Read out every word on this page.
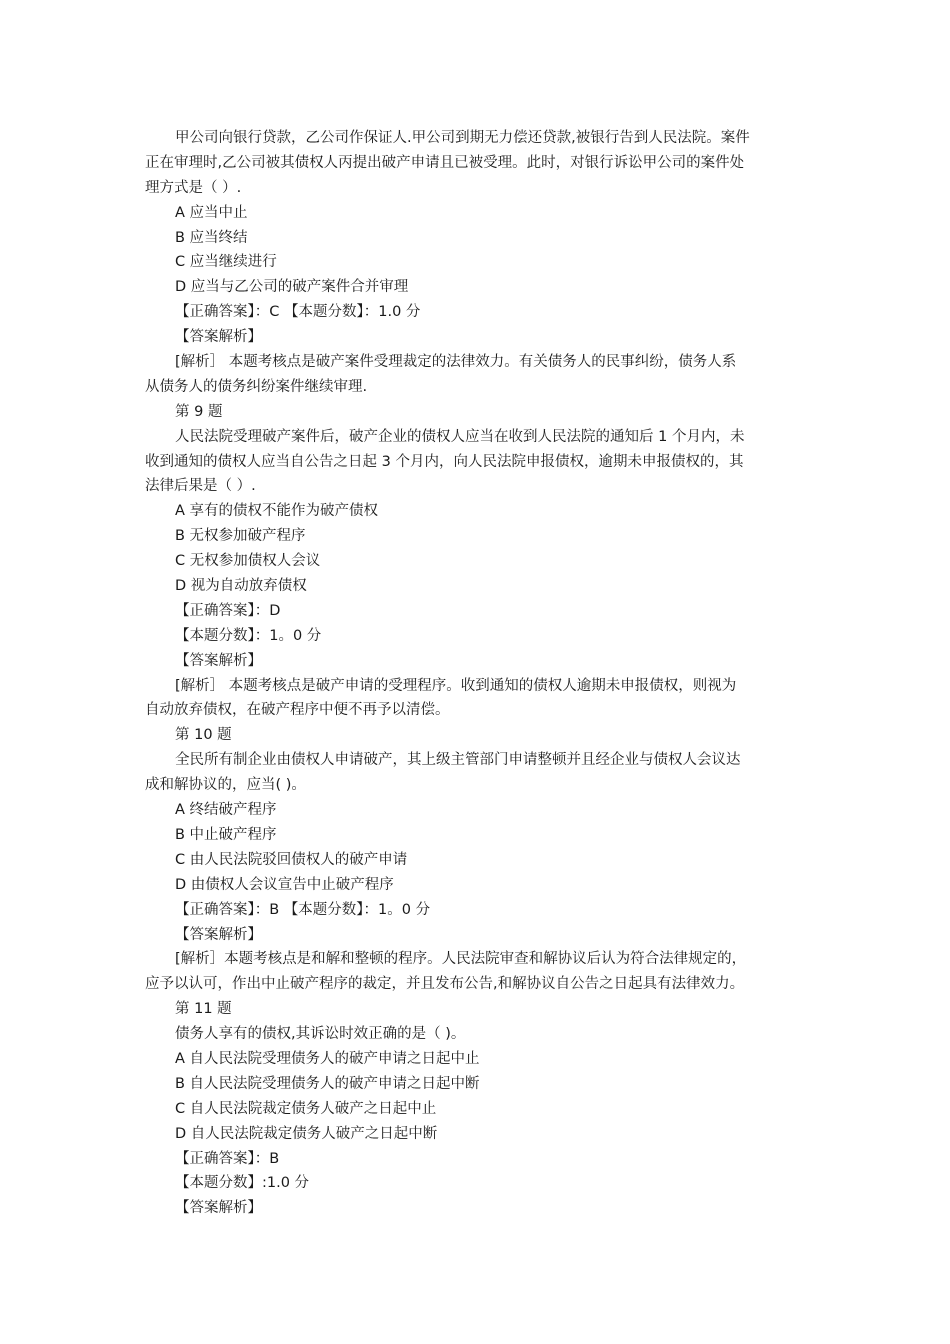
甲公司向银行贷款，乙公司作保证人.甲公司到期无力偿还贷款,被银行告到人民法院。案件
正在审理时,乙公司被其债权人丙提出破产申请且已被受理。此时，对银行诉讼甲公司的案件处
理方式是（ ）.
A 应当中止
B 应当终结
C 应当继续进行
D 应当与乙公司的破产案件合并审理
【正确答案】：C 【本题分数】：1.0 分
【答案解析】
[解析］ 本题考核点是破产案件受理裁定的法律效力。有关债务人的民事纠纷，债务人系
从债务人的债务纠纷案件继续审理.
第 9 题
人民法院受理破产案件后，破产企业的债权人应当在收到人民法院的通知后 1 个月内，未
收到通知的债权人应当自公告之日起 3 个月内，向人民法院申报债权，逾期未申报债权的，其
法律后果是（ ）.
A 享有的债权不能作为破产债权
B 无权参加破产程序
C 无权参加债权人会议
D 视为自动放弃债权
【正确答案】：D
【本题分数】：1。0 分
【答案解析】
[解析］ 本题考核点是破产申请的受理程序。收到通知的债权人逾期未申报债权，则视为
自动放弃债权，在破产程序中便不再予以清偿。
第 10 题
全民所有制企业由债权人申请破产，其上级主管部门申请整顿并且经企业与债权人会议达
成和解协议的，应当( )。
A 终结破产程序
B 中止破产程序
C 由人民法院驳回债权人的破产申请
D 由债权人会议宣告中止破产程序
【正确答案】：B 【本题分数】：1。0 分
【答案解析】
[解析］本题考核点是和解和整顿的程序。人民法院审查和解协议后认为符合法律规定的，
应予以认可，作出中止破产程序的裁定，并且发布公告,和解协议自公告之日起具有法律效力。
第 11 题
债务人享有的债权,其诉讼时效正确的是（ )。
A 自人民法院受理债务人的破产申请之日起中止
B 自人民法院受理债务人的破产申请之日起中断
C 自人民法院裁定债务人破产之日起中止
D 自人民法院裁定债务人破产之日起中断
【正确答案】：B
【本题分数】:1.0 分
【答案解析】
